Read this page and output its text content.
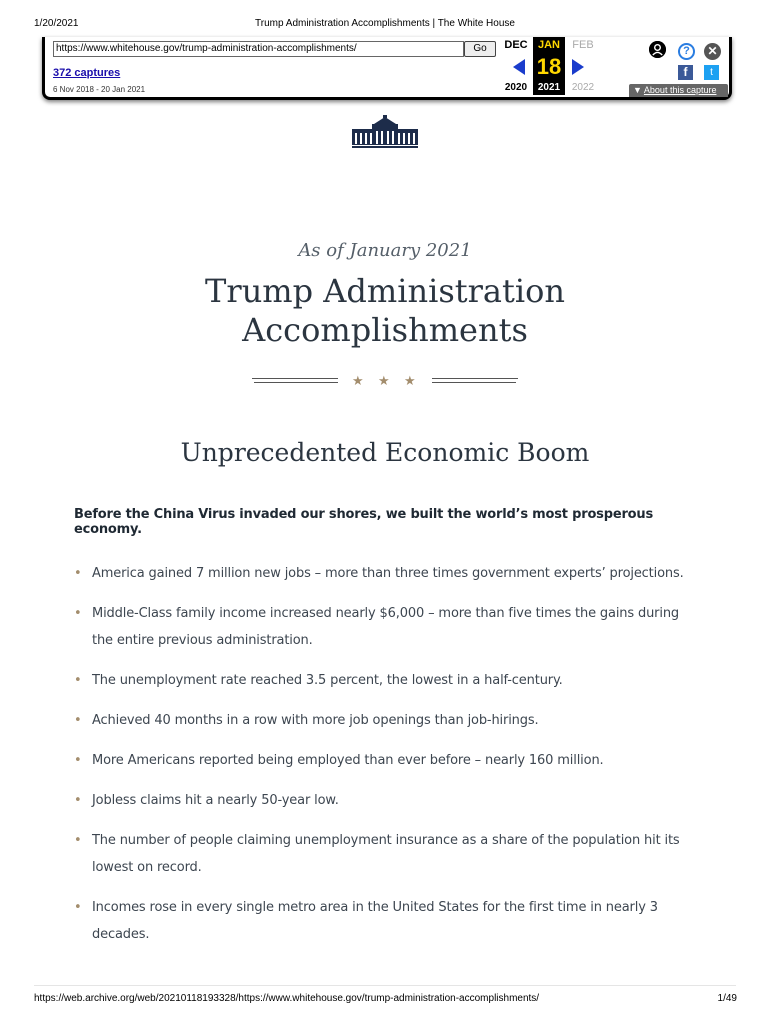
1/20/2021	Trump Administration Accomplishments | The White House
https://www.whitehouse.gov/trump-administration-accomplishments/
Go
372 captures
6 Nov 2018 - 20 Jan 2021
DEC
2020
JAN
18
2021
FEB
2022
?	✕
f	t
▼ About this capture
As of January 2021
Trump Administration
Accomplishments
★ ★ ★
Unprecedented Economic Boom

Before the China Virus invaded our shores, we built the world’s most prosperous economy.

• America gained 7 million new jobs – more than three times government experts’ projections.
• Middle-Class family income increased nearly $6,000 – more than five times the gains during the entire previous administration.
• The unemployment rate reached 3.5 percent, the lowest in a half-century.
• Achieved 40 months in a row with more job openings than job-hirings.
• More Americans reported being employed than ever before – nearly 160 million.
• Jobless claims hit a nearly 50-year low.
• The number of people claiming unemployment insurance as a share of the population hit its lowest on record.
• Incomes rose in every single metro area in the United States for the first time in nearly 3 decades.
https://web.archive.org/web/20210118193328/https://www.whitehouse.gov/trump-administration-accomplishments/	1/49
